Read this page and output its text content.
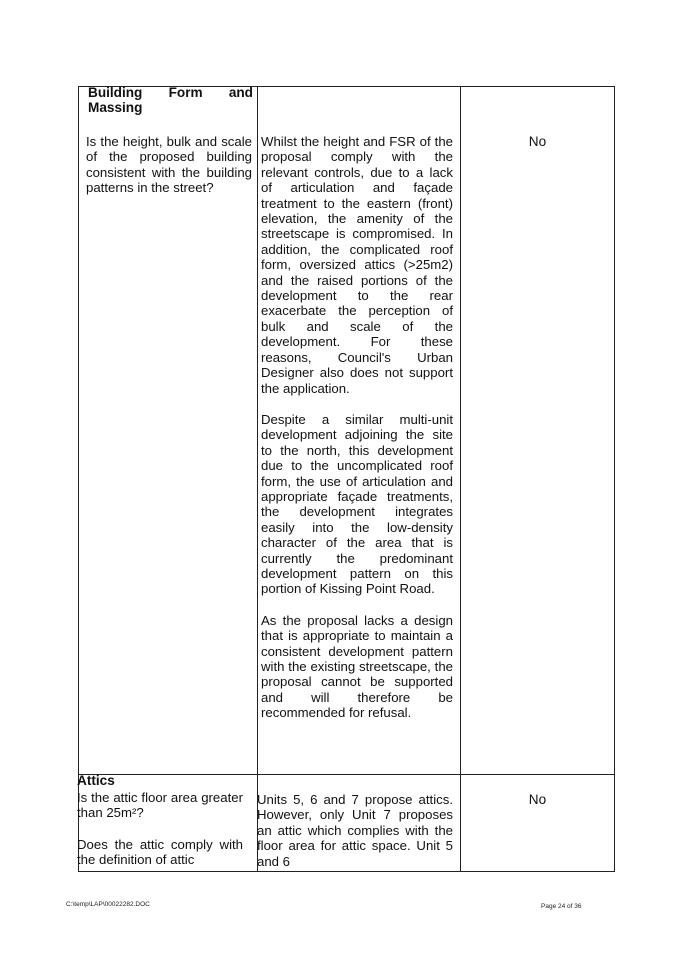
Building Form and
Massing

Is the height, bulk and scale of the proposed building consistent with the building patterns in the street?

Whilst the height and FSR of the proposal comply with the relevant controls, due to a lack of articulation and façade treatment to the eastern (front) elevation, the amenity of the streetscape is compromised. In addition, the complicated roof form, oversized attics (>25m2) and the raised portions of the development to the rear exacerbate the perception of bulk and scale of the development. For these reasons, Council's Urban Designer also does not support the application.

Despite a similar multi-unit development adjoining the site to the north, this development due to the uncomplicated roof form, the use of articulation and appropriate façade treatments, the development integrates easily into the low-density character of the area that is currently the predominant development pattern on this portion of Kissing Point Road.

As the proposal lacks a design that is appropriate to maintain a consistent development pattern with the existing streetscape, the proposal cannot be supported and will therefore be recommended for refusal.

No
Attics

Is the attic floor area greater than 25m²?

Does the attic comply with the definition of attic

Units 5, 6 and 7 propose attics. However, only Unit 7 proposes an attic which complies with the floor area for attic space. Unit 5 and 6

No
C:\temp\LAP\00022282.DOC	Page 24 of 36
